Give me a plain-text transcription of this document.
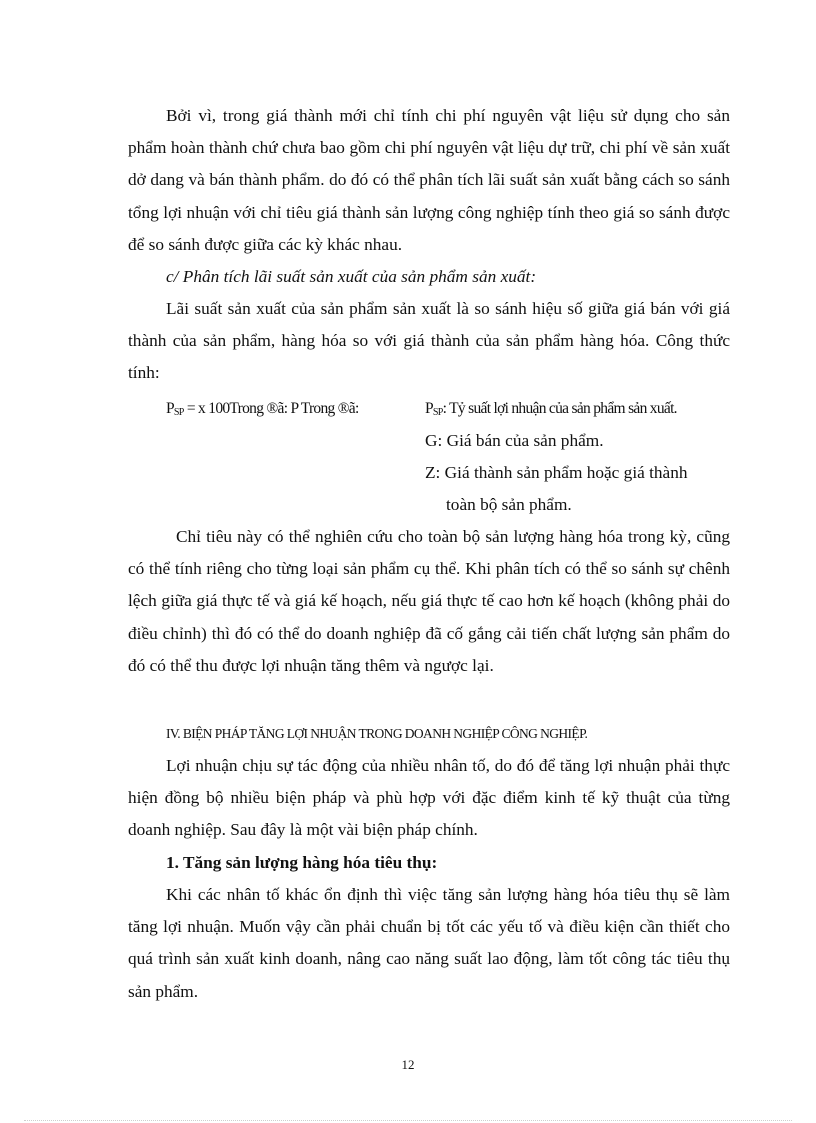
Bởi vì, trong giá thành mới chỉ tính chi phí nguyên vật liệu sử dụng cho sản phẩm hoàn thành chứ chưa bao gồm chi phí nguyên vật liệu dự trữ, chi phí về sản xuất dở dang và bán thành phẩm. do đó có thể phân tích lãi suất sản xuất bằng cách so sánh tổng lợi nhuận với chỉ tiêu giá thành sản lượng công nghiệp tính theo giá so sánh được để so sánh được giữa các kỳ khác nhau.

c/ Phân tích lãi suất sản xuất của sản phẩm sản xuất:

Lãi suất sản xuất của sản phẩm sản xuất là so sánh hiệu số giữa giá bán với giá thành của sản phẩm, hàng hóa so với giá thành của sản phẩm hàng hóa. Công thức tính:

$P_{SP} = x$ 100Trong ®ã: P Trong ®ã:	$P_{SP}$: Tỷ suất lợi nhuận của sản phẩm sản xuất.
G: Giá bán của sản phẩm.
Z: Giá thành sản phẩm hoặc giá thành
toàn bộ sản phẩm.

Chỉ tiêu này có thể nghiên cứu cho toàn bộ sản lượng hàng hóa trong kỳ, cũng có thể tính riêng cho từng loại sản phẩm cụ thể. Khi phân tích có thể so sánh sự chênh lệch giữa giá thực tế và giá kế hoạch, nếu giá thực tế cao hơn kế hoạch (không phải do điều chỉnh) thì đó có thể do doanh nghiệp đã cố gắng cải tiến chất lượng sản phẩm do đó có thể thu được lợi nhuận tăng thêm và ngược lại.

IV. BIỆN PHÁP TĂNG LỢI NHUẬN TRONG DOANH NGHIỆP CÔNG NGHIỆP.

Lợi nhuận chịu sự tác động của nhiều nhân tố, do đó để tăng lợi nhuận phải thực hiện đồng bộ nhiều biện pháp và phù hợp với đặc điểm kinh tế kỹ thuật của từng doanh nghiệp. Sau đây là một vài biện pháp chính.

1. Tăng sản lượng hàng hóa tiêu thụ:

Khi các nhân tố khác ổn định thì việc tăng sản lượng hàng hóa tiêu thụ sẽ làm tăng lợi nhuận. Muốn vậy cần phải chuẩn bị tốt các yếu tố và điều kiện cần thiết cho quá trình sản xuất kinh doanh, nâng cao năng suất lao động, làm tốt công tác tiêu thụ sản phẩm.

12
